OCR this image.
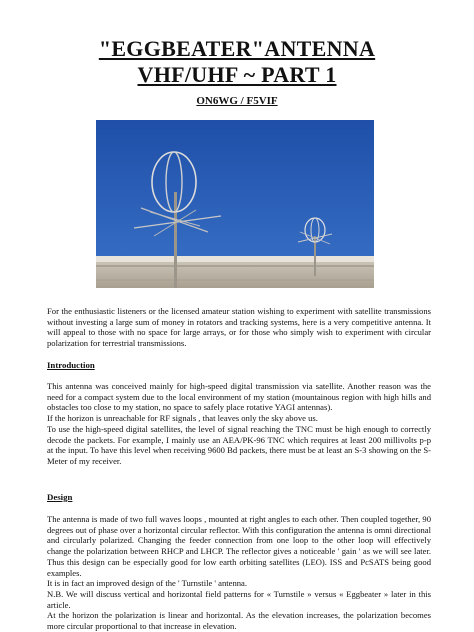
"EGGBEATER"ANTENNA
VHF/UHF ~ PART 1
ON6WG / F5VIF

For the enthusiastic listeners or the licensed amateur station wishing to experiment with satellite transmissions without investing a large sum of money in rotators and tracking systems, here is a very competitive antenna. It will appeal to those with no space for large arrays, or for those who simply wish to experiment with circular polarization for terrestrial transmissions.

Introduction

This antenna was conceived mainly for high-speed digital transmission via satellite. Another reason was the need for a compact system due to the local environment of my station (mountainous region with high hills and obstacles too close to my station, no space to safely place rotative YAGI antennas).

If the horizon is unreachable for RF signals , that leaves only the sky above us.

To use the high-speed digital satellites, the level of signal reaching the TNC must be high enough to correctly decode the packets. For example, I mainly use an AEA/PK-96 TNC which requires at least 200 millivolts p-p at the input. To have this level when receiving 9600 Bd packets, there must be at least an S-3 showing on the S-Meter of my receiver.

Design

The antenna is made of two full waves loops , mounted at right angles to each other. Then coupled together, 90 degrees out of phase over a horizontal circular reflector. With this configuration the antenna is omni directional and circularly polarized. Changing the feeder connection from one loop to the other loop will effectively change the polarization between RHCP and LHCP. The reflector gives a noticeable ' gain ' as we will see later. Thus this design can be especially good for low earth orbiting satellites (LEO). ISS and PcSATS being good examples.

It is in fact an improved design of the ' Turnstile ' antenna.

N.B. We will discuss vertical and horizontal field patterns for « Turnstile » versus « Eggbeater » later in this article.

At the horizon the polarization is linear and horizontal. As the elevation increases, the polarization becomes more circular proportional to that increase in elevation.
